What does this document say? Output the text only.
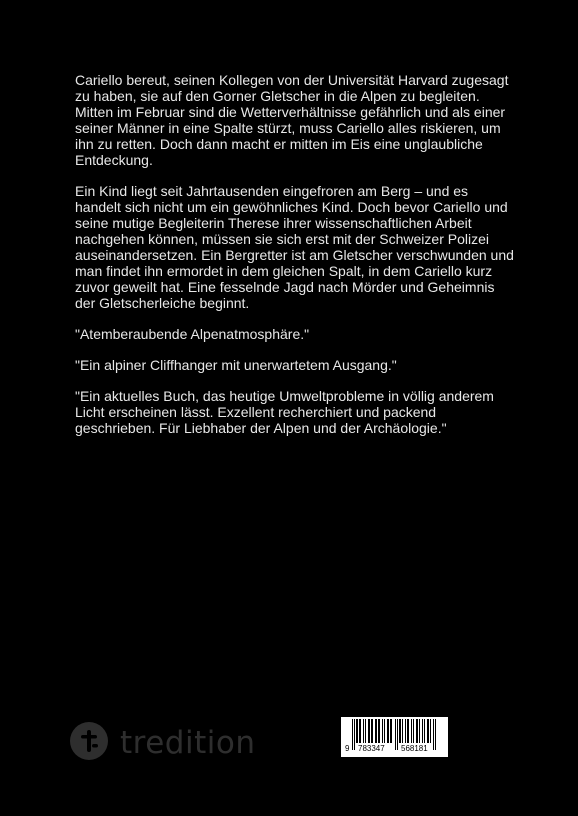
Cariello bereut, seinen Kollegen von der Universität Harvard zugesagt zu haben, sie auf den Gorner Gletscher in die Alpen zu begleiten. Mitten im Februar sind die Wetterverhältnisse gefährlich und als einer seiner Männer in eine Spalte stürzt, muss Cariello alles riskieren, um ihn zu retten. Doch dann macht er mitten im Eis eine unglaubliche Entdeckung.

Ein Kind liegt seit Jahrtausenden eingefroren am Berg – und es handelt sich nicht um ein gewöhnliches Kind. Doch bevor Cariello und seine mutige Begleiterin Therese ihrer wissenschaftlichen Arbeit nachgehen können, müssen sie sich erst mit der Schweizer Polizei auseinandersetzen. Ein Bergretter ist am Gletscher verschwunden und man findet ihn ermordet in dem gleichen Spalt, in dem Cariello kurz zuvor geweilt hat. Eine fesselnde Jagd nach Mörder und Geheimnis der Gletscherleiche beginnt.

"Atemberaubende Alpenatmosphäre."

"Ein alpiner Cliffhanger mit unerwartetem Ausgang."

"Ein aktuelles Buch, das heutige Umweltprobleme in völlig anderem Licht erscheinen lässt. Exzellent recherchiert und packend geschrieben. Für Liebhaber der Alpen und der Archäologie."

tredition	9 783347 568181
